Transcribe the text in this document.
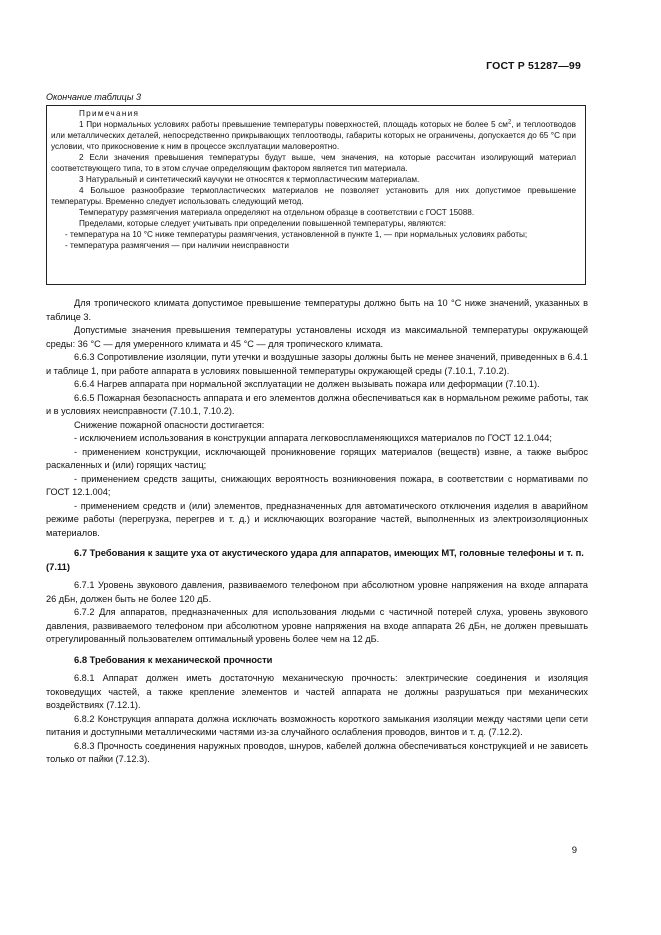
ГОСТ Р 51287—99
Окончание таблицы 3
Примечания

1 При нормальных условиях работы превышение температуры поверхностей, площадь которых не более 5 $см^2$, и теплоотводов или металлических деталей, непосредственно прикрывающих теплоотводы, габариты которых не ограничены, допускается до 65 °С при условии, что прикосновение к ним в процессе эксплуатации маловероятно.

2 Если значения превышения температуры будут выше, чем значения, на которые рассчитан изолирующий материал соответствующего типа, то в этом случае определяющим фактором является тип материала.

3 Натуральный и синтетический каучуки не относятся к термопластическим материалам.

4 Большое разнообразие термопластических материалов не позволяет установить для них допустимое превышение температуры. Временно следует использовать следующий метод.

Температуру размягчения материала определяют на отдельном образце в соответствии с ГОСТ 15088.

Пределами, которые следует учитывать при определении повышенной температуры, являются:

- температура на 10 °С ниже температуры размягчения, установленной в пункте 1, — при нормальных условиях работы;

- температура размягчения — при наличии неисправности

Для тропического климата допустимое превышение температуры должно быть на 10 °С ниже значений, указанных в таблице 3.

Допустимые значения превышения температуры установлены исходя из максимальной температуры окружающей среды: 36 °С — для умеренного климата и 45 °С — для тропического климата.

6.6.3 Сопротивление изоляции, пути утечки и воздушные зазоры должны быть не менее значений, приведенных в 6.4.1 и таблице 1, при работе аппарата в условиях повышенной температуры окружающей среды (7.10.1, 7.10.2).

6.6.4 Нагрев аппарата при нормальной эксплуатации не должен вызывать пожара или деформации (7.10.1).

6.6.5 Пожарная безопасность аппарата и его элементов должна обеспечиваться как в нормальном режиме работы, так и в условиях неисправности (7.10.1, 7.10.2).

Снижение пожарной опасности достигается:

- исключением использования в конструкции аппарата легковоспламеняющихся материалов по ГОСТ 12.1.044;

- применением конструкции, исключающей проникновение горящих материалов (веществ) извне, а также выброс раскаленных и (или) горящих частиц;

- применением средств защиты, снижающих вероятность возникновения пожара, в соответствии с нормативами по ГОСТ 12.1.004;

- применением средств и (или) элементов, предназначенных для автоматического отключения изделия в аварийном режиме работы (перегрузка, перегрев и т. д.) и исключающих возгорание частей, выполненных из электроизоляционных материалов.

6.7 Требования к защите уха от акустического удара для аппаратов, имеющих МТ, головные телефоны и т. п. (7.11)

6.7.1 Уровень звукового давления, развиваемого телефоном при абсолютном уровне напряжения на входе аппарата 26 дБн, должен быть не более 120 дБ.

6.7.2 Для аппаратов, предназначенных для использования людьми с частичной потерей слуха, уровень звукового давления, развиваемого телефоном при абсолютном уровне напряжения на входе аппарата 26 дБн, не должен превышать отрегулированный пользователем оптимальный уровень более чем на 12 дБ.

6.8 Требования к механической прочности

6.8.1 Аппарат должен иметь достаточную механическую прочность: электрические соединения и изоляция токоведущих частей, а также крепление элементов и частей аппарата не должны разрушаться при механических воздействиях (7.12.1).

6.8.2 Конструкция аппарата должна исключать возможность короткого замыкания изоляции между частями цепи сети питания и доступными металлическими частями из-за случайного ослабления проводов, винтов и т. д. (7.12.2).

6.8.3 Прочность соединения наружных проводов, шнуров, кабелей должна обеспечиваться конструкцией и не зависеть только от пайки (7.12.3).

9
